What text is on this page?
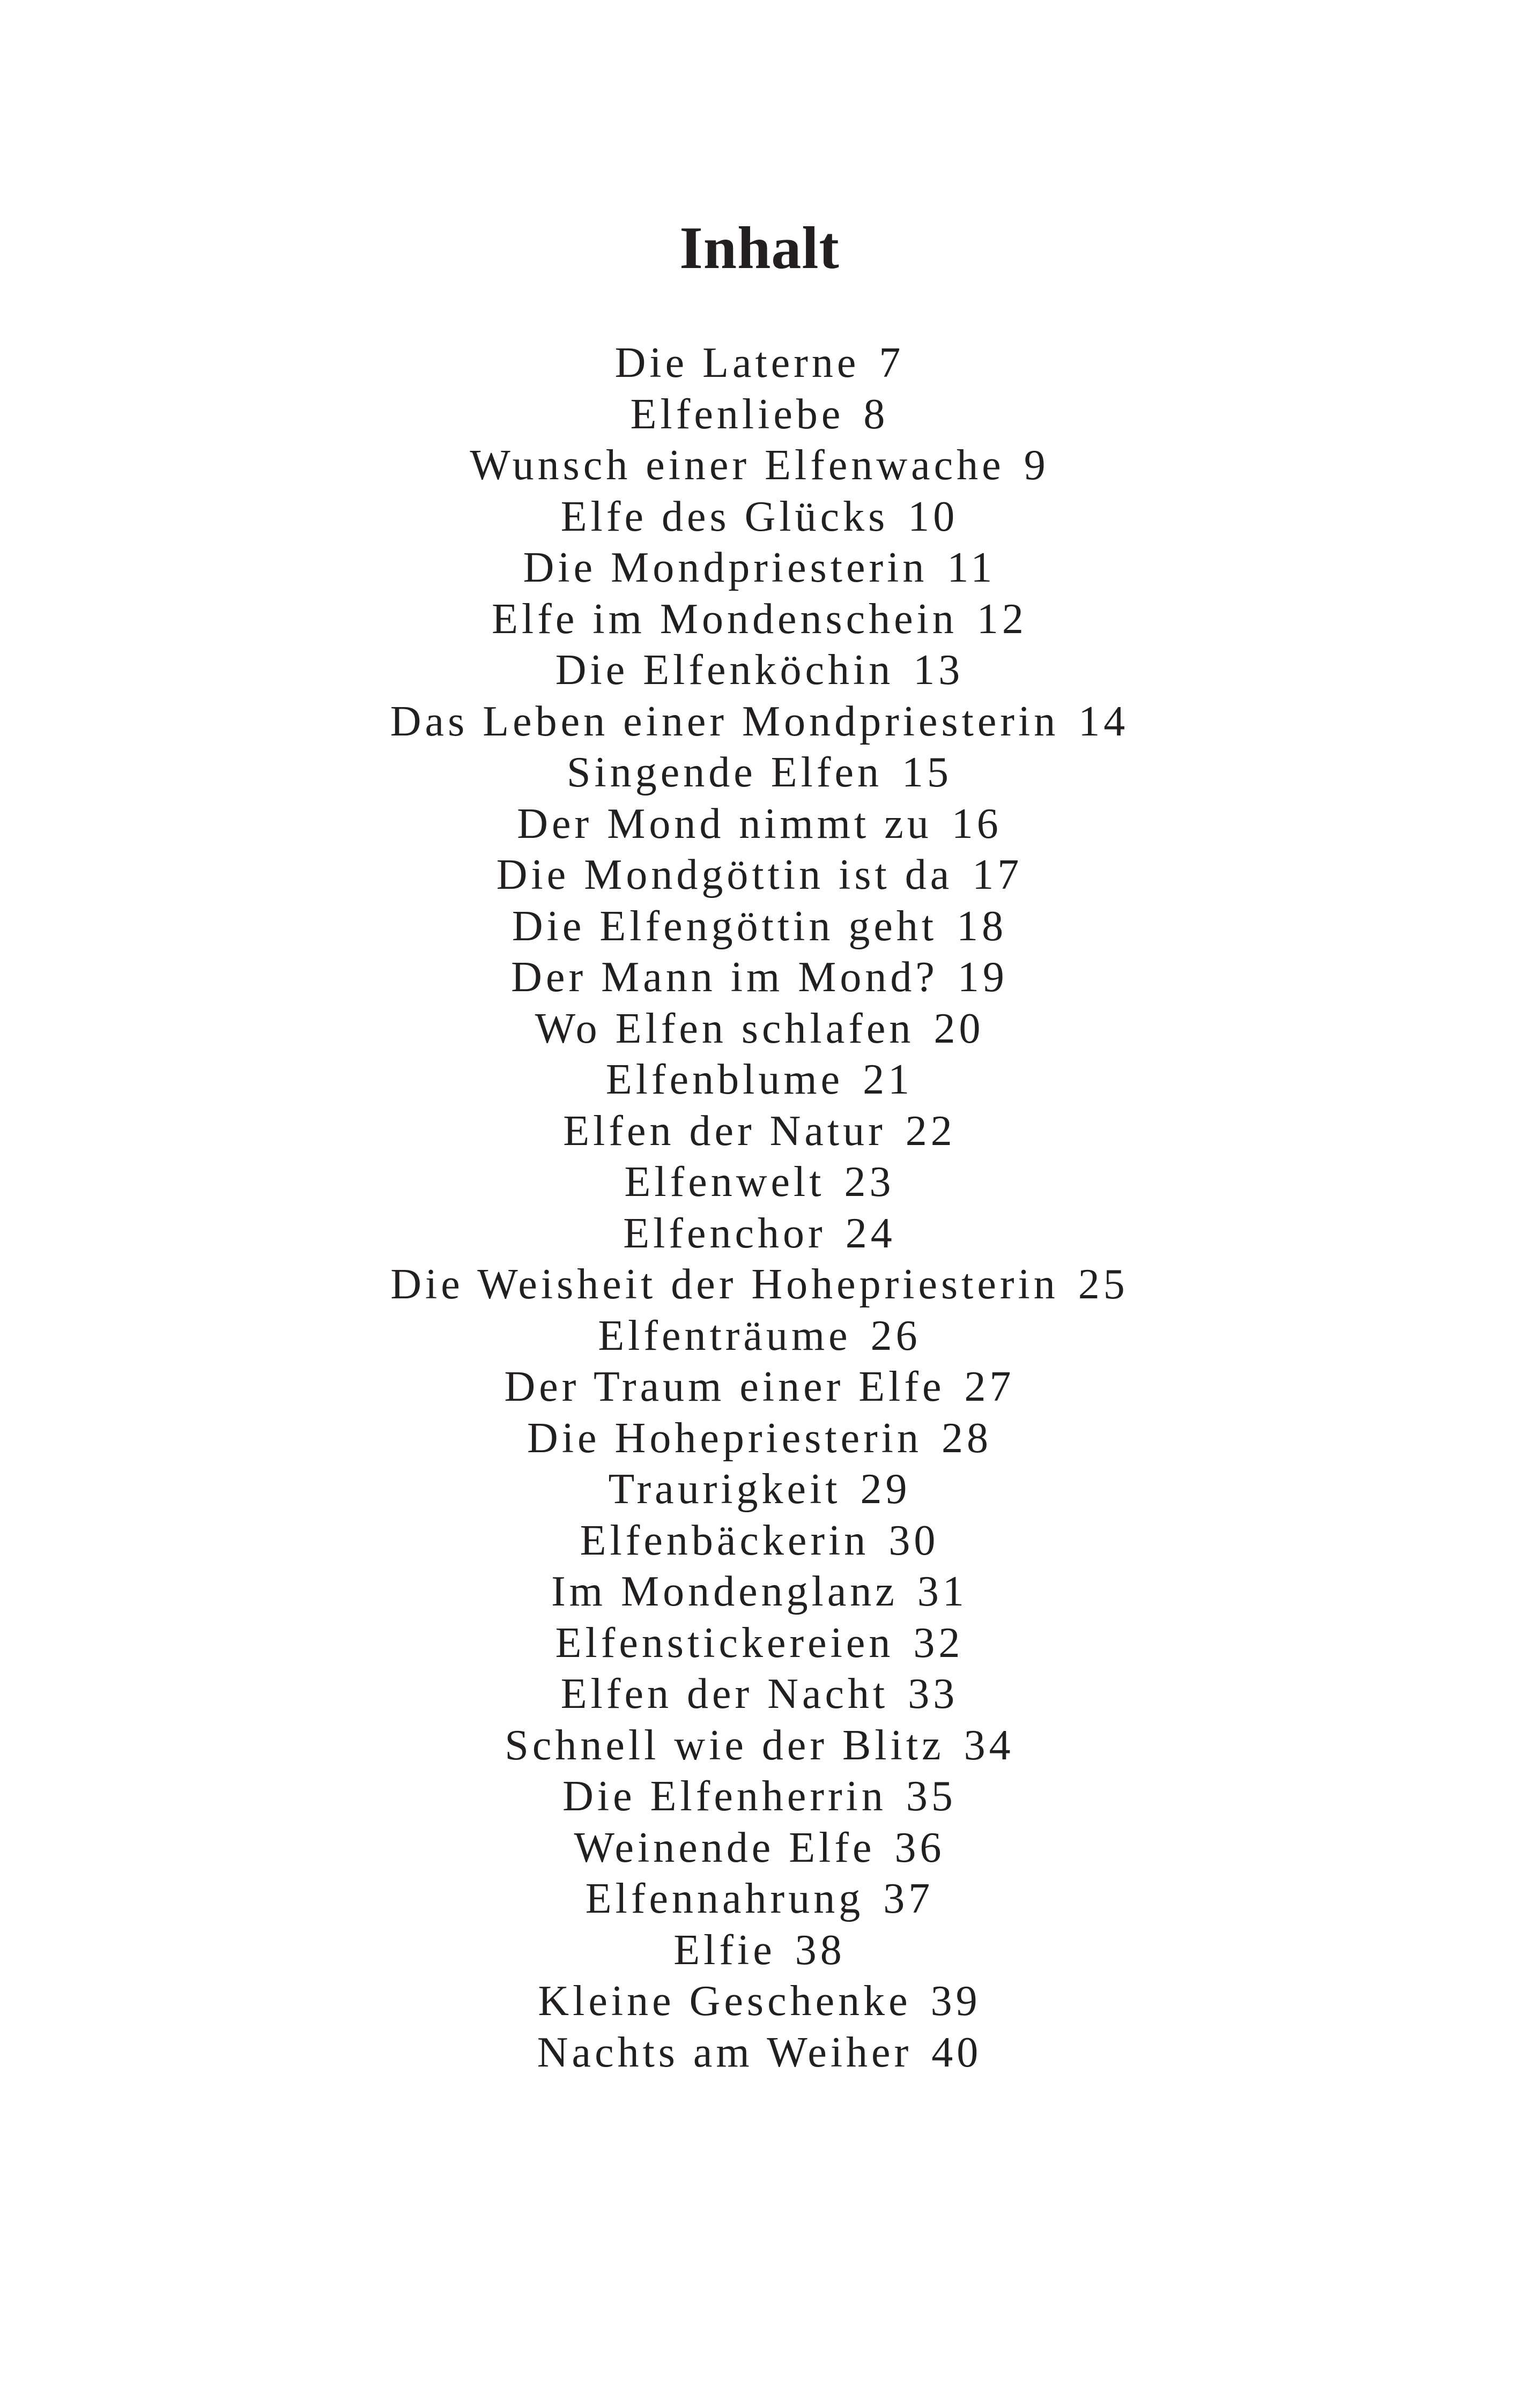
Inhalt
Die Laterne 7
Elfenliebe 8
Wunsch einer Elfenwache 9
Elfe des Glücks 10
Die Mondpriesterin 11
Elfe im Mondenschein 12
Die Elfenköchin 13
Das Leben einer Mondpriesterin 14
Singende Elfen 15
Der Mond nimmt zu 16
Die Mondgöttin ist da 17
Die Elfengöttin geht 18
Der Mann im Mond? 19
Wo Elfen schlafen 20
Elfenblume 21
Elfen der Natur 22
Elfenwelt 23
Elfenchor 24
Die Weisheit der Hohepriesterin 25
Elfenträume 26
Der Traum einer Elfe 27
Die Hohepriesterin 28
Traurigkeit 29
Elfenbäckerin 30
Im Mondenglanz 31
Elfenstickereien 32
Elfen der Nacht 33
Schnell wie der Blitz 34
Die Elfenherrin 35
Weinende Elfe 36
Elfennahrung 37
Elfie 38
Kleine Geschenke 39
Nachts am Weiher 40
